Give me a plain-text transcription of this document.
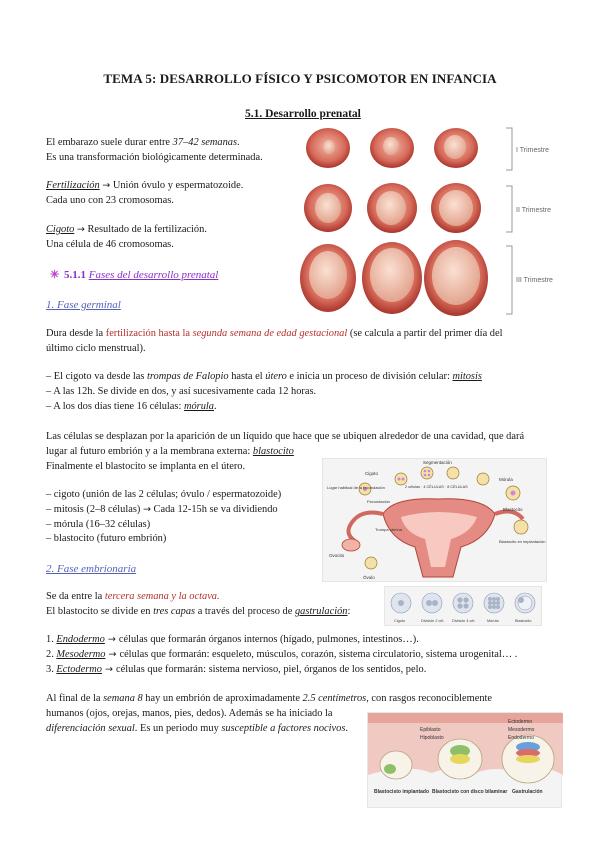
TEMA 5: DESARROLLO FÍSICO Y PSICOMOTOR EN INFANCIA
5.1. Desarrollo prenatal
El embarazo suele durar entre 37–42 semanas.
Es una transformación biológicamente determinada.
Fertilización → Unión óvulo y espermatozoide.
Cada uno con 23 cromosomas.
Cigoto → Resultado de la fertilización.
Una célula de 46 cromosomas.
✳ 5.1.1 Fases del desarrollo prenatal
I Trimestre
II Trimestre
III Trimestre
1. Fase germinal
Dura desde la fertilización hasta la segunda semana de edad gestacional (se calcula a partir del primer día del
último ciclo menstrual).
– El cigoto va desde las trompas de Falopio hasta el útero e inicia un proceso de división celular: mitosis
– A las 12h. Se divide en dos, y así sucesivamente cada 12 horas.
– A los dos días tiene 16 células: mórula.
Las células se desplazan por la aparición de un líquido que hace que se ubiquen alrededor de una cavidad, que dará
lugar al futuro embrión y a la membrana externa: blastocito
Finalmente el blastocito se implanta en el útero.
– cigoto (unión de las 2 células; óvulo / espermatozoide)
– mitosis (2–8 células) → Cada 12-15h se va dividiendo
– mórula (16–32 células)
– blastocito (futuro embrión)
Cigoto
Segmentación
2 células · 4 CÉLULAS · 8 CÉLULAS
Mórula
Blastocito
Lugar habitual de la fecundación
Fecundación
Trompa uterina
Ovocito
Óvulo
Blastocito en implantación
2. Fase embrionaria
Se da entre la tercera semana y la octava.
El blastocito se divide en tres capas a través del proceso de gastrulación:
Cigoto	División 2 cél. División 4 cél.	Mórula	Blastocito
1. Endodermo → células que formarán órganos internos (hígado, pulmones, intestinos…).
2. Mesodermo → células que formarán: esqueleto, músculos, corazón, sistema circulatorio, sistema urogenital… .
3. Ectodermo → células que formarán: sistema nervioso, piel, órganos de los sentidos, pelo.
Al final de la semana 8 hay un embrión de aproximadamente 2.5 centímetros, con rasgos reconociblemente
humanos (ojos, orejas, manos, pies, dedos). Además se ha iniciado la
diferenciación sexual. Es un periodo muy susceptible a factores nocivos.	Epiblasto
Hipoblasto
Ectodermo
Mesodermo
Endodermo
Blastocisto implantado Blastocisto con disco bilaminar Gastrulación
